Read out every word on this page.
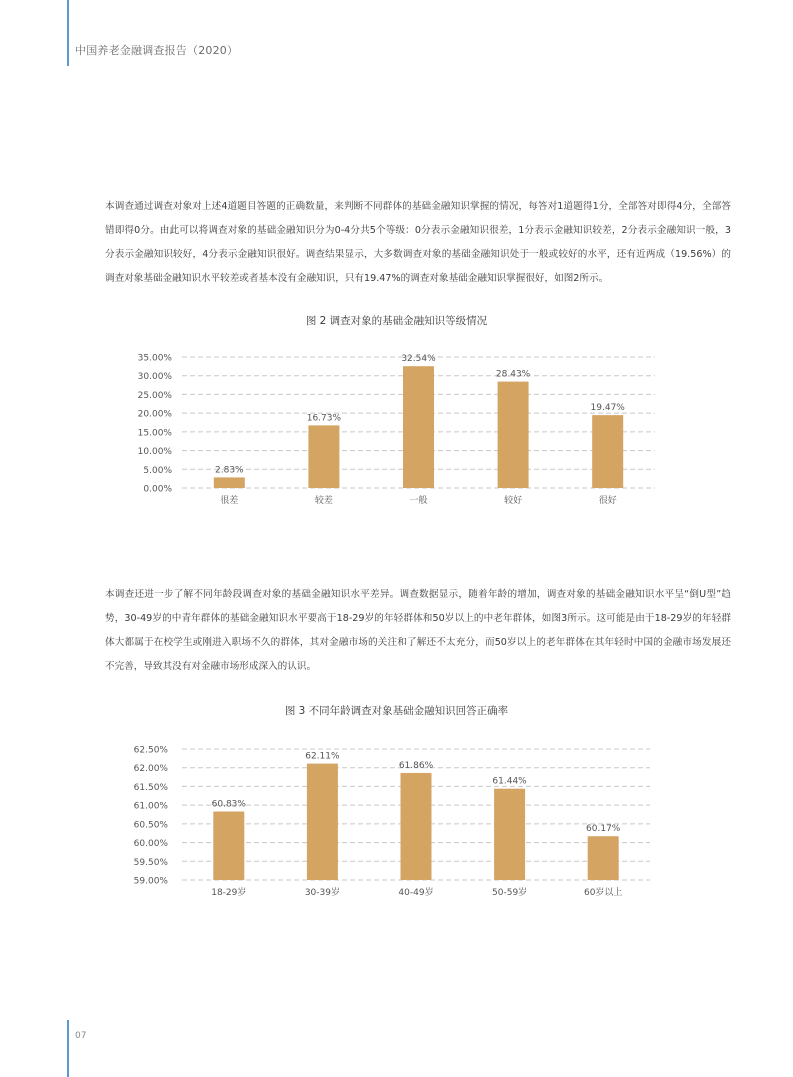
中国养老金融调查报告（2020）
本调查通过调查对象对上述4道题目答题的正确数量，来判断不同群体的基础金融知识掌握的情况，每答对1道题得1分，全部答对即得4分，全部答错即得0分。由此可以将调查对象的基础金融知识分为0-4分共5个等级：0分表示金融知识很差，1分表示金融知识较差，2分表示金融知识一般，3分表示金融知识较好，4分表示金融知识很好。调查结果显示，大多数调查对象的基础金融知识处于一般或较好的水平，还有近两成（19.56%）的调查对象基础金融知识水平较差或者基本没有金融知识，只有19.47%的调查对象基础金融知识掌握很好，如图2所示。
图 2 调查对象的基础金融知识等级情况
0.00%
5.00%
10.00%
15.00%
20.00%
25.00%
30.00%
35.00%
2.83%
很差
16.73%
较差
32.54%
一般
28.43%
较好
19.47%
很好
本调查还进一步了解不同年龄段调查对象的基础金融知识水平差异。调查数据显示，随着年龄的增加，调查对象的基础金融知识水平呈“倒U型”趋势，30-49岁的中青年群体的基础金融知识水平要高于18-29岁的年轻群体和50岁以上的中老年群体，如图3所示。这可能是由于18-29岁的年轻群体大都属于在校学生或刚进入职场不久的群体，其对金融市场的关注和了解还不太充分，而50岁以上的老年群体在其年轻时中国的金融市场发展还不完善，导致其没有对金融市场形成深入的认识。
图 3 不同年龄调查对象基础金融知识回答正确率
59.00%
59.50%
60.00%
60.50%
61.00%
61.50%
62.00%
62.50%
60.83%
18-29岁
62.11%
30-39岁
61.86%
40-49岁
61.44%
50-59岁
60.17%
60岁以上
07
